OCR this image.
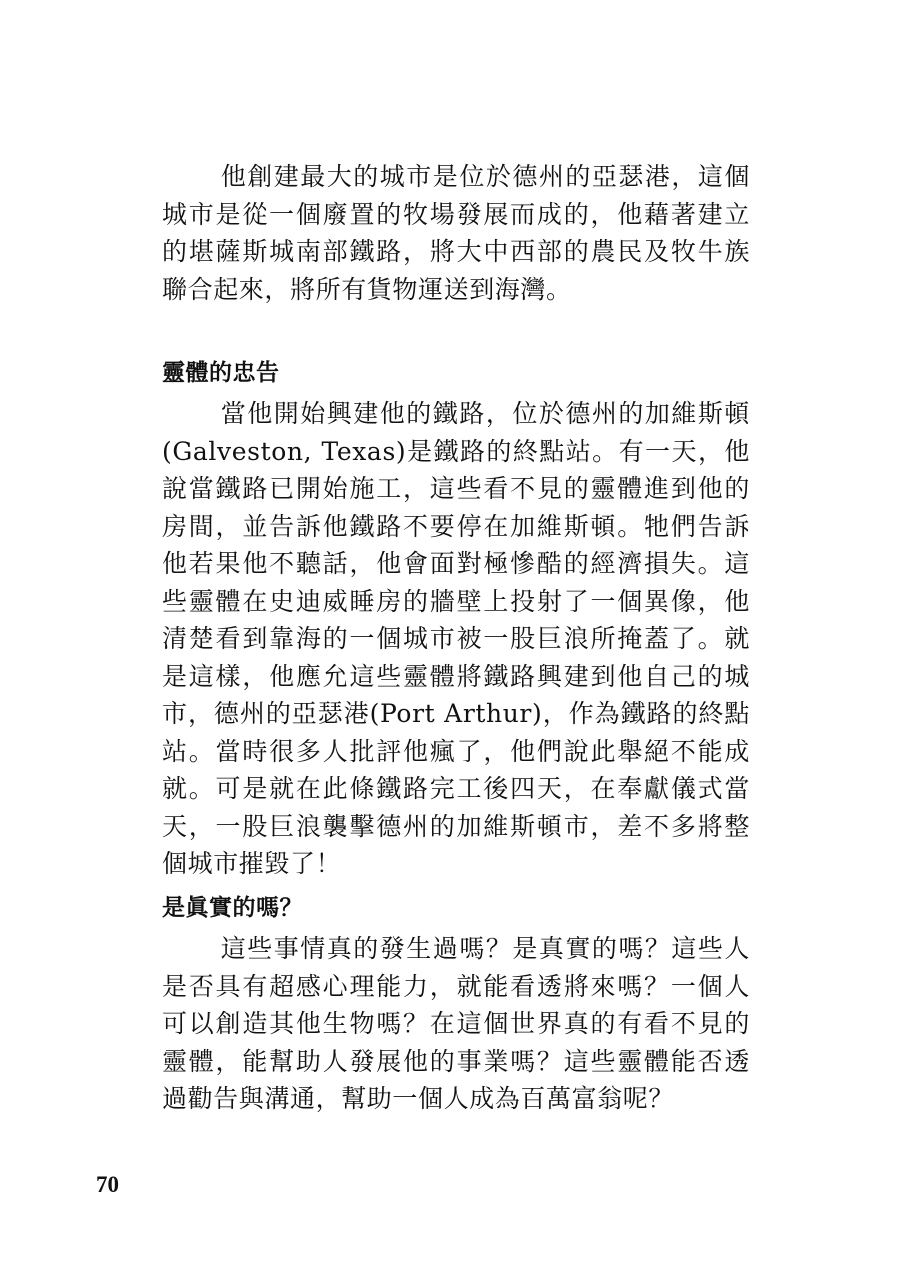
他創建最大的城市是位於德州的亞瑟港，這個城市是從一個廢置的牧場發展而成的，他藉著建立的堪薩斯城南部鐵路，將大中西部的農民及牧牛族聯合起來，將所有貨物運送到海灣。

靈體的忠告

當他開始興建他的鐵路，位於德州的加維斯頓(Galveston, Texas)是鐵路的終點站。有一天，他說當鐵路已開始施工，這些看不見的靈體進到他的房間，並告訴他鐵路不要停在加維斯頓。牠們告訴他若果他不聽話，他會面對極慘酷的經濟損失。這些靈體在史迪威睡房的牆壁上投射了一個異像，他清楚看到靠海的一個城市被一股巨浪所掩蓋了。就是這樣，他應允這些靈體將鐵路興建到他自己的城市，德州的亞瑟港(Port Arthur)，作為鐵路的終點站。當時很多人批評他瘋了，他們說此舉絕不能成就。可是就在此條鐵路完工後四天，在奉獻儀式當天，一股巨浪襲擊德州的加維斯頓市，差不多將整個城市摧毀了！

是眞實的嗎？

這些事情真的發生過嗎？是真實的嗎？這些人是否具有超感心理能力，就能看透將來嗎？一個人可以創造其他生物嗎？在這個世界真的有看不見的靈體，能幫助人發展他的事業嗎？這些靈體能否透過勸告與溝通，幫助一個人成為百萬富翁呢？

70
